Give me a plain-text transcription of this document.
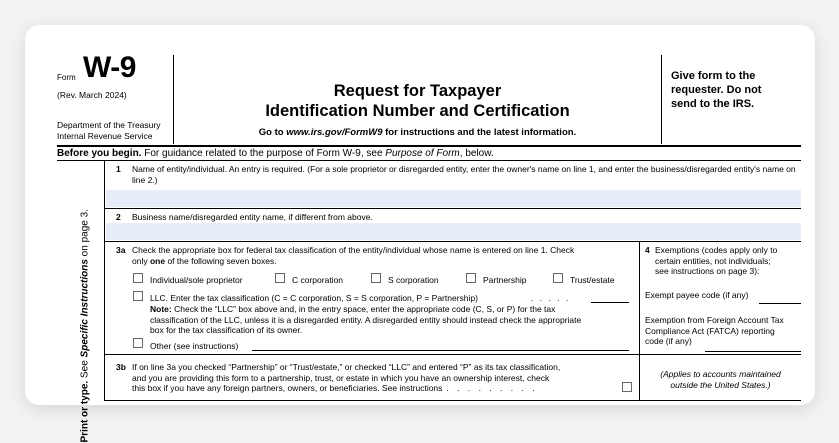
Form W-9
(Rev. March 2024)
Department of the Treasury
Internal Revenue Service
Request for Taxpayer
Identification Number and Certification
Go to www.irs.gov/FormW9 for instructions and the latest information.
Give form to the
requester. Do not
send to the IRS.
Before you begin. For guidance related to the purpose of Form W-9, see Purpose of Form, below.
Print or type. See Specific Instructions on page 3.
1 Name of entity/individual. An entry is required. (For a sole proprietor or disregarded entity, enter the owner's name on line 1, and enter the business/disregarded entity's name on line 2.)
2 Business name/disregarded entity name, if different from above.
3a Check the appropriate box for federal tax classification of the entity/individual whose name is entered on line 1. Check
only one of the following seven boxes.
Individual/sole proprietor	C corporation	S corporation	Partnership	Trust/estate
LLC. Enter the tax classification (C = C corporation, S = S corporation, P = Partnership)	. . . . .
Note: Check the “LLC” box above and, in the entry space, enter the appropriate code (C, S, or P) for the tax
classification of the LLC, unless it is a disregarded entity. A disregarded entity should instead check the appropriate
box for the tax classification of its owner.
Other (see instructions)
3b If on line 3a you checked “Partnership” or “Trust/estate,” or checked “LLC” and entered “P” as its tax classification,
and you are providing this form to a partnership, trust, or estate in which you have an ownership interest, check
this box if you have any foreign partners, owners, or beneficiaries. See instructions . . . . . . . . .
4 Exemptions (codes apply only to
certain entities, not individuals;
see instructions on page 3):
Exempt payee code (if any)
Exemption from Foreign Account Tax
Compliance Act (FATCA) reporting
code (if any)
(Applies to accounts maintained
outside the United States.)
